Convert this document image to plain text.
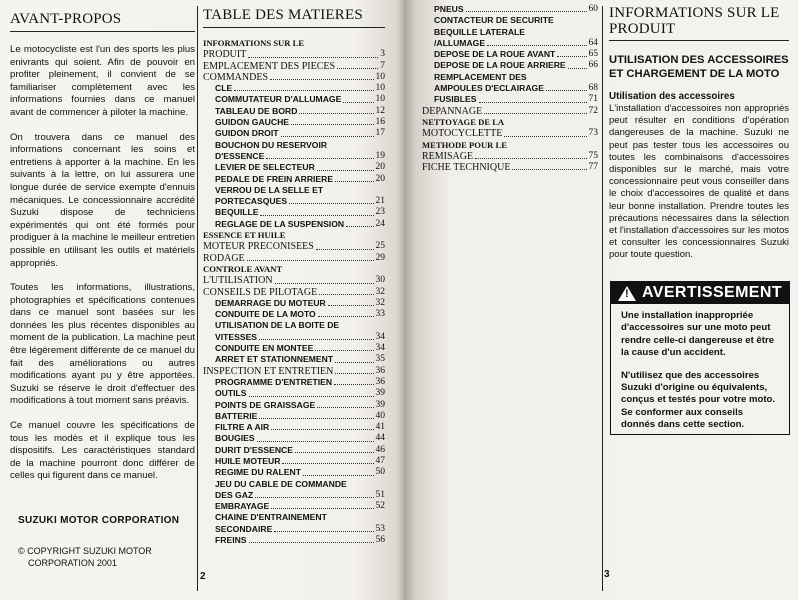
AVANT-PROPOS

Le motocycliste est l'un des sports les plus enivrants qui soient. Afin de pouvoir en profiter pleinement, il convient de se familiariser complètement avec les informations fournies dans ce manuel avant de commencer à piloter la machine.

On trouvera dans ce manuel des informations concernant les soins et entretiens à apporter à la machine. En les suivants à la lettre, on lui assurera une longue durée de service exempte d'ennuis mécaniques. Le concessionnaire accrédité Suzuki dispose de techniciens expérimentés qui ont été formés pour prodiguer à la machine le meilleur entretien possible en utilisant les outils et matériels appropriés.

Toutes les informations, illustrations, photographies et spécifications contenues dans ce manuel sont basées sur les données les plus récentes disponibles au moment de la publication. La machine peut être légèrement différente de ce manuel du fait des améliorations ou autres modifications ayant pu y être apportées. Suzuki se réserve le droit d'effectuer des modifications à tout moment sans préavis.

Ce manuel couvre les spécifications de tous les modès et il explique tous les dispositifs. Les caractéristiques standard de la machine pourront donc différer de celles qui figurent dans ce manuel.

SUZUKI MOTOR CORPORATION
© COPYRIGHT SUZUKI MOTOR
CORPORATION 2001
TABLE DES MATIERES
INFORMATIONS SUR LE
PRODUIT	3
EMPLACEMENT DES PIECES	7
COMMANDES	10
CLE	10
COMMUTATEUR D'ALLUMAGE	10
TABLEAU DE BORD	12
GUIDON GAUCHE	16
GUIDON DROIT	17
BOUCHON DU RESERVOIR
D'ESSENCE	19
LEVIER DE SELECTEUR	20
PEDALE DE FREIN ARRIERE	20
VERROU DE LA SELLE ET
PORTECASQUES	21
BEQUILLE	23
REGLAGE DE LA SUSPENSION	24
ESSENCE ET HUILE
MOTEUR PRECONISEES	25
RODAGE	29
CONTROLE AVANT
L'UTILISATION	30
CONSEILS DE PILOTAGE	32
DEMARRAGE DU MOTEUR	32
CONDUITE DE LA MOTO	33
UTILISATION DE LA BOITE DE
VITESSES	34
CONDUITE EN MONTEE	34
ARRET ET STATIONNEMENT	35
INSPECTION ET ENTRETIEN	36
PROGRAMME D'ENTRETIEN	36
OUTILS	39
POINTS DE GRAISSAGE	39
BATTERIE	40
FILTRE A AIR	41
BOUGIES	44
DURIT D'ESSENCE	46
HUILE MOTEUR	47
REGIME DU RALENT	50
JEU DU CABLE DE COMMANDE
DES GAZ	51
EMBRAYAGE	52
CHAINE D'ENTRAINEMENT
SECONDAIRE	53
FREINS	56
2
PNEUS	60
CONTACTEUR DE SECURITE
BEQUILLE LATERALE
/ALLUMAGE	64
DEPOSE DE LA ROUE AVANT	65
DEPOSE DE LA ROUE ARRIERE 66
REMPLACEMENT DES
AMPOULES D'ECLAIRAGE	68
FUSIBLES	71
DEPANNAGE	72
NETTOYAGE DE LA
MOTOCYCLETTE	73
METHODE POUR LE
REMISAGE	75
FICHE TECHNIQUE	77
INFORMATIONS SUR LE
PRODUIT

UTILISATION DES ACCESSOIRES

ET CHARGEMENT DE LA MOTO

Utilisation des accessoires

L'installation d'accessoires non appropriés peut résulter en conditions d'opération dangereuses de la machine. Suzuki ne peut pas tester tous les accessoires ou toutes les combinaisons d'accessoires disponibles sur le marché, mais votre concessionnaire peut vous conseiller dans le choix d'accessoires de qualité et dans leur bonne installation. Prendre toutes les précautions nécessaires dans la sélection et l'installation d'accessoires sur les motos et consulter les concessionnaires Suzuki pour toute question.

! AVERTISSEMENT

Une installation inappropriée d'accessoires sur une moto peut rendre celle-ci dangereuse et être la cause d'un accident.

N'utilisez que des accessoires Suzuki d'origine ou équivalents, conçus et testés pour votre moto. Se conformer aux conseils donnés dans cette section.

3
